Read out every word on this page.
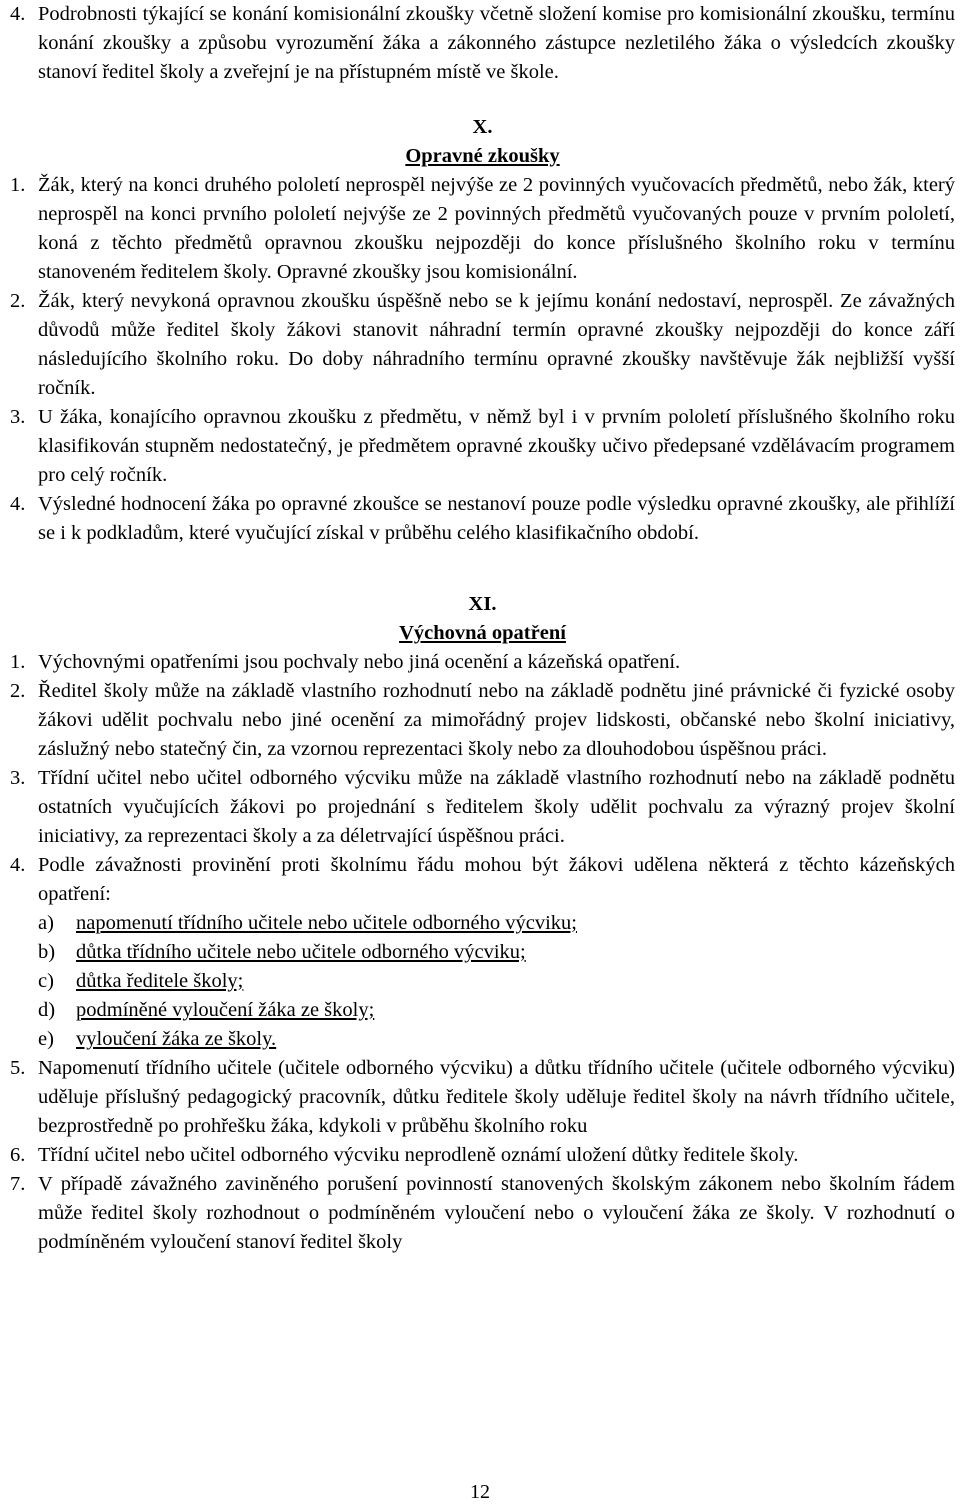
4. Podrobnosti týkající se konání komisionální zkoušky včetně složení komise pro komisionální zkoušku, termínu konání zkoušky a způsobu vyrozumění žáka a zákonného zástupce nezletilého žáka o výsledcích zkoušky stanoví ředitel školy a zveřejní je na přístupném místě ve škole.
X.
Opravné zkoušky
1. Žák, který na konci druhého pololetí neprospěl nejvýše ze 2 povinných vyučovacích předmětů, nebo žák, který neprospěl na konci prvního pololetí nejvýše ze 2 povinných předmětů vyučovaných pouze v prvním pololetí, koná z těchto předmětů opravnou zkoušku nejpozději do konce příslušného školního roku v termínu stanoveném ředitelem školy. Opravné zkoušky jsou komisionální.
2. Žák, který nevykoná opravnou zkoušku úspěšně nebo se k jejímu konání nedostaví, neprospěl. Ze závažných důvodů může ředitel školy žákovi stanovit náhradní termín opravné zkoušky nejpozději do konce září následujícího školního roku. Do doby náhradního termínu opravné zkoušky navštěvuje žák nejbližší vyšší ročník.
3. U žáka, konajícího opravnou zkoušku z předmětu, v němž byl i v prvním pololetí příslušného školního roku klasifikován stupněm nedostatečný, je předmětem opravné zkoušky učivo předepsané vzdělávacím programem pro celý ročník.
4. Výsledné hodnocení žáka po opravné zkoušce se nestanoví pouze podle výsledku opravné zkoušky, ale přihlíží se i k podkladům, které vyučující získal v průběhu celého klasifikačního období.
XI.
Výchovná opatření
1. Výchovnými opatřeními jsou pochvaly nebo jiná ocenění a kázeňská opatření.
2. Ředitel školy může na základě vlastního rozhodnutí nebo na základě podnětu jiné právnické či fyzické osoby žákovi udělit pochvalu nebo jiné ocenění za mimořádný projev lidskosti, občanské nebo školní iniciativy, záslužný nebo statečný čin, za vzornou reprezentaci školy nebo za dlouhodobou úspěšnou práci.
3. Třídní učitel nebo učitel odborného výcviku může na základě vlastního rozhodnutí nebo na základě podnětu ostatních vyučujících žákovi po projednání s ředitelem školy udělit pochvalu za výrazný projev školní iniciativy, za reprezentaci školy a za déletrvající úspěšnou práci.
4. Podle závažnosti provinění proti školnímu řádu mohou být žákovi udělena některá z těchto kázeňských opatření:
a)	napomenutí třídního učitele nebo učitele odborného výcviku;
b)	důtka třídního učitele nebo učitele odborného výcviku;
c)	důtka ředitele školy;
d)	podmíněné vyloučení žáka ze školy;
e)	vyloučení žáka ze školy.
5. Napomenutí třídního učitele (učitele odborného výcviku) a důtku třídního učitele (učitele odborného výcviku) uděluje příslušný pedagogický pracovník, důtku ředitele školy uděluje ředitel školy na návrh třídního učitele, bezprostředně po prohřešku žáka, kdykoli v průběhu školního roku
6. Třídní učitel nebo učitel odborného výcviku neprodleně oznámí uložení důtky ředitele školy.
7. V případě závažného zaviněného porušení povinností stanovených školským zákonem nebo školním řádem může ředitel školy rozhodnout o podmíněném vyloučení nebo o vyloučení žáka ze školy. V rozhodnutí o podmíněném vyloučení stanoví ředitel školy
12
